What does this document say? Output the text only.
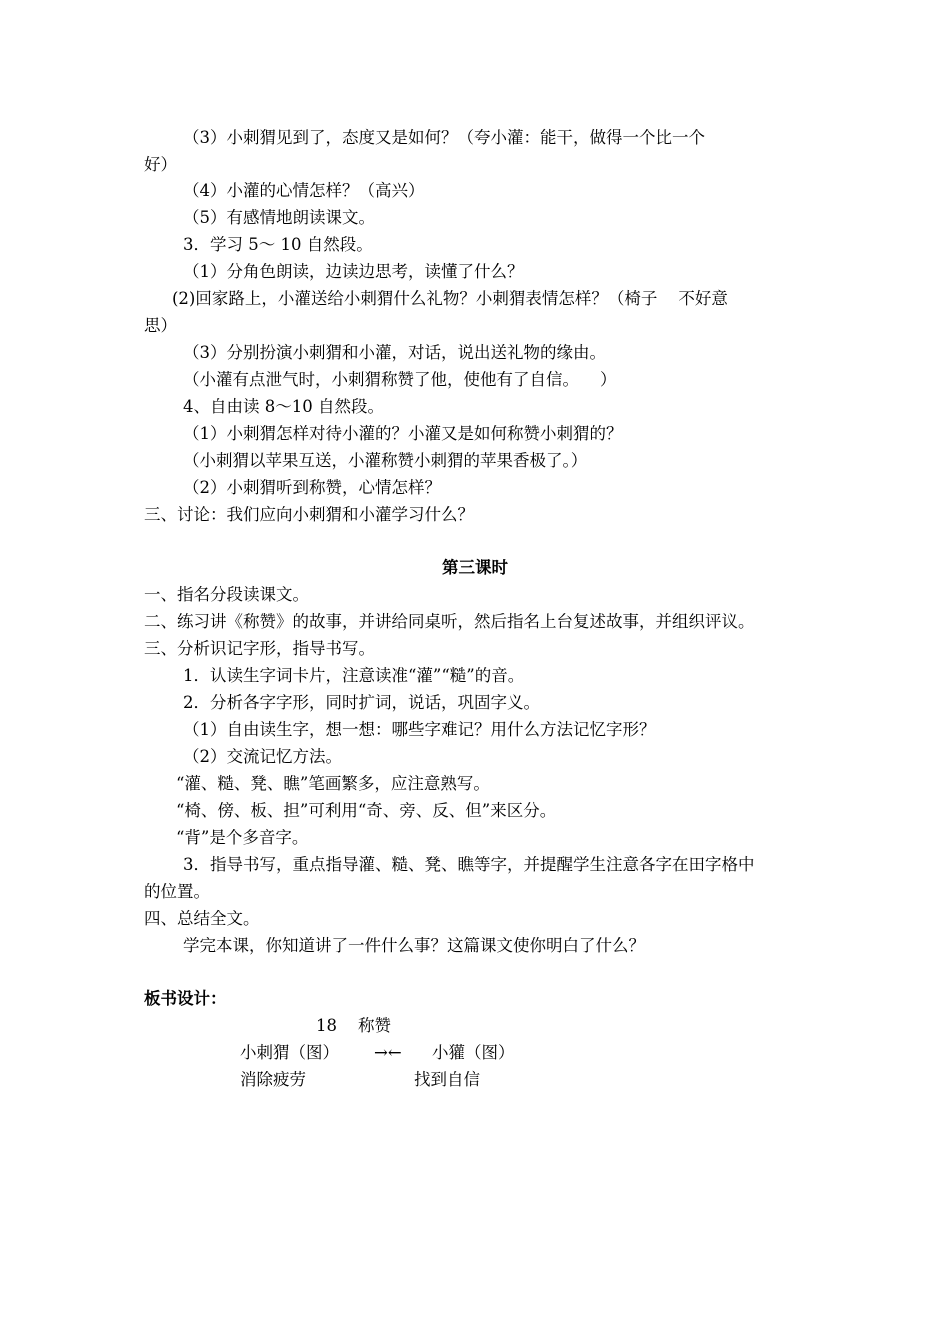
（3）小刺猬见到了，态度又是如何？（夸小灌：能干，做得一个比一个
好）
（4）小灌的心情怎样？（高兴）
（5）有感情地朗读课文。
3．学习 5～ 10 自然段。
（1）分角色朗读，边读边思考，读懂了什么？
(2)回家路上，小灌送给小刺猬什么礼物？小刺猬表情怎样？（椅子    不好意
思）
（3）分别扮演小刺猬和小灌，对话，说出送礼物的缘由。
（小灌有点泄气时，小刺猬称赞了他，使他有了自信。    ）
4、自由读 8～10 自然段。
（1）小刺猬怎样对待小灌的？小灌又是如何称赞小刺猬的？
（小刺猬以苹果互送，小灌称赞小刺猬的苹果香极了。）
（2）小刺猬听到称赞，心情怎样？
三、讨论：我们应向小刺猬和小灌学习什么？
第三课时
一、指名分段读课文。
二、练习讲《称赞》的故事，并讲给同桌听，然后指名上台复述故事，并组织评议。
三、分析识记字形，指导书写。
1．认读生字词卡片，注意读准“灌”“糙”的音。
2．分析各字字形，同时扩词，说话，巩固字义。
（1）自由读生字，想一想：哪些字难记？用什么方法记忆字形？
（2）交流记忆方法。
“灌、糙、凳、瞧”笔画繁多，应注意熟写。
“椅、傍、板、担”可利用“奇、旁、反、但”来区分。
“背”是个多音字。
3．指导书写，重点指导灌、糙、凳、瞧等字，并提醒学生注意各字在田字格中
的位置。
四、总结全文。
学完本课，你知道讲了一件什么事？这篇课文使你明白了什么？
板书设计：
18    称赞
小刺猬（图） →← 小獾（图）
消除疲劳	找到自信
